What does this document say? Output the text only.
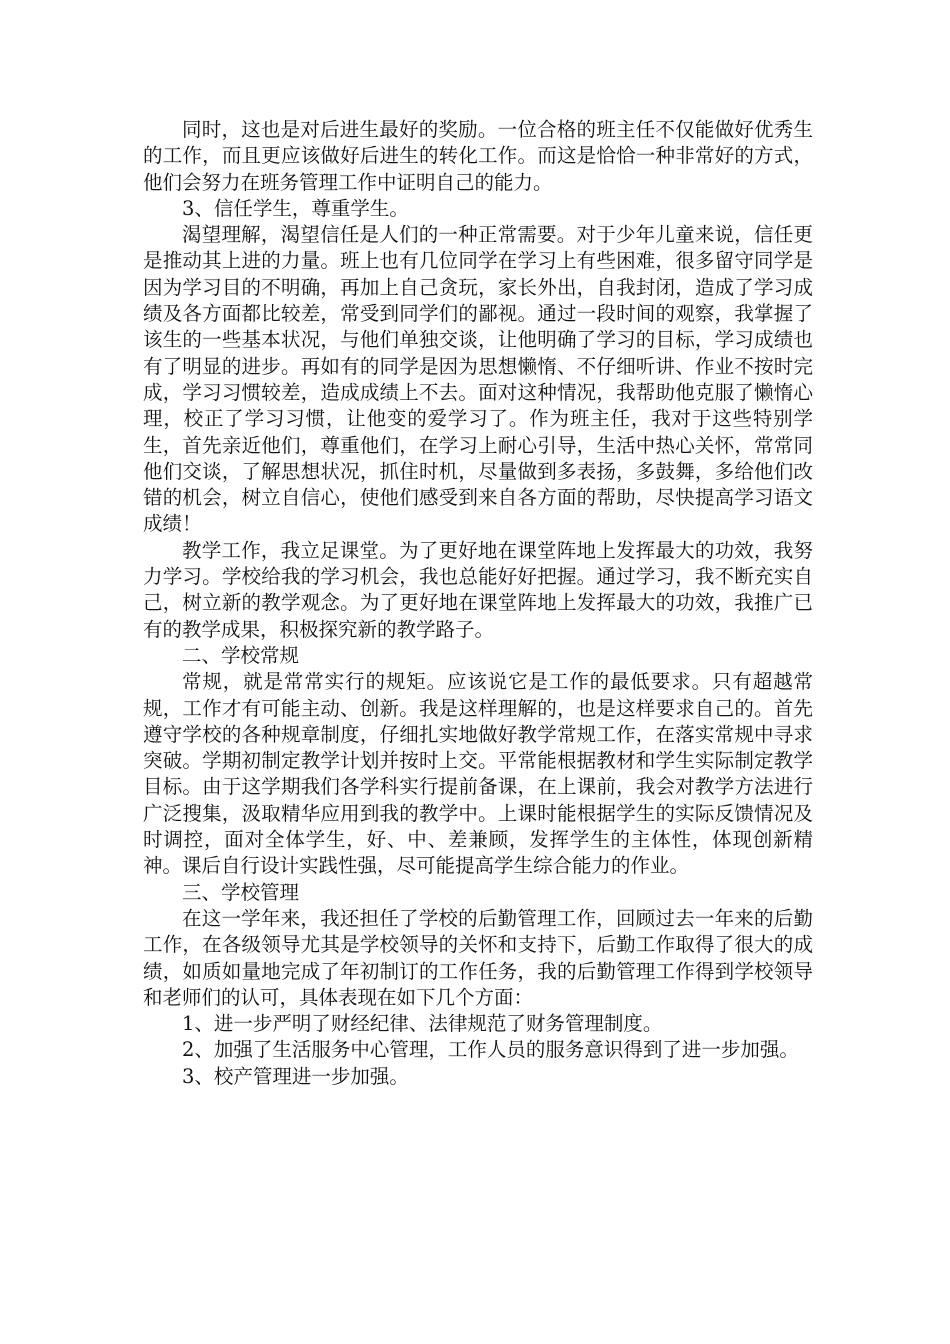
同时，这也是对后进生最好的奖励。一位合格的班主任不仅能做好优秀生的工作，而且更应该做好后进生的转化工作。而这是恰恰一种非常好的方式，他们会努力在班务管理工作中证明自己的能力。

3、信任学生，尊重学生。

渴望理解，渴望信任是人们的一种正常需要。对于少年儿童来说，信任更是推动其上进的力量。班上也有几位同学在学习上有些困难，很多留守同学是因为学习目的不明确，再加上自己贪玩，家长外出，自我封闭，造成了学习成绩及各方面都比较差，常受到同学们的鄙视。通过一段时间的观察，我掌握了该生的一些基本状况，与他们单独交谈，让他明确了学习的目标，学习成绩也有了明显的进步。再如有的同学是因为思想懒惰、不仔细听讲、作业不按时完成，学习习惯较差，造成成绩上不去。面对这种情况，我帮助他克服了懒惰心理，校正了学习习惯，让他变的爱学习了。作为班主任，我对于这些特别学生，首先亲近他们，尊重他们，在学习上耐心引导，生活中热心关怀，常常同他们交谈，了解思想状况，抓住时机，尽量做到多表扬，多鼓舞，多给他们改错的机会，树立自信心，使他们感受到来自各方面的帮助，尽快提高学习语文成绩！

教学工作，我立足课堂。为了更好地在课堂阵地上发挥最大的功效，我努力学习。学校给我的学习机会，我也总能好好把握。通过学习，我不断充实自己，树立新的教学观念。为了更好地在课堂阵地上发挥最大的功效，我推广已有的教学成果，积极探究新的教学路子。

二、学校常规

常规，就是常常实行的规矩。应该说它是工作的最低要求。只有超越常规，工作才有可能主动、创新。我是这样理解的，也是这样要求自己的。首先遵守学校的各种规章制度，仔细扎实地做好教学常规工作，在落实常规中寻求突破。学期初制定教学计划并按时上交。平常能根据教材和学生实际制定教学目标。由于这学期我们各学科实行提前备课，在上课前，我会对教学方法进行广泛搜集，汲取精华应用到我的教学中。上课时能根据学生的实际反馈情况及时调控，面对全体学生，好、中、差兼顾，发挥学生的主体性，体现创新精神。课后自行设计实践性强，尽可能提高学生综合能力的作业。

三、学校管理

在这一学年来，我还担任了学校的后勤管理工作，回顾过去一年来的后勤工作，在各级领导尤其是学校领导的关怀和支持下，后勤工作取得了很大的成绩，如质如量地完成了年初制订的工作任务，我的后勤管理工作得到学校领导和老师们的认可，具体表现在如下几个方面：

1、进一步严明了财经纪律、法律规范了财务管理制度。

2、加强了生活服务中心管理，工作人员的服务意识得到了进一步加强。

3、校产管理进一步加强。
